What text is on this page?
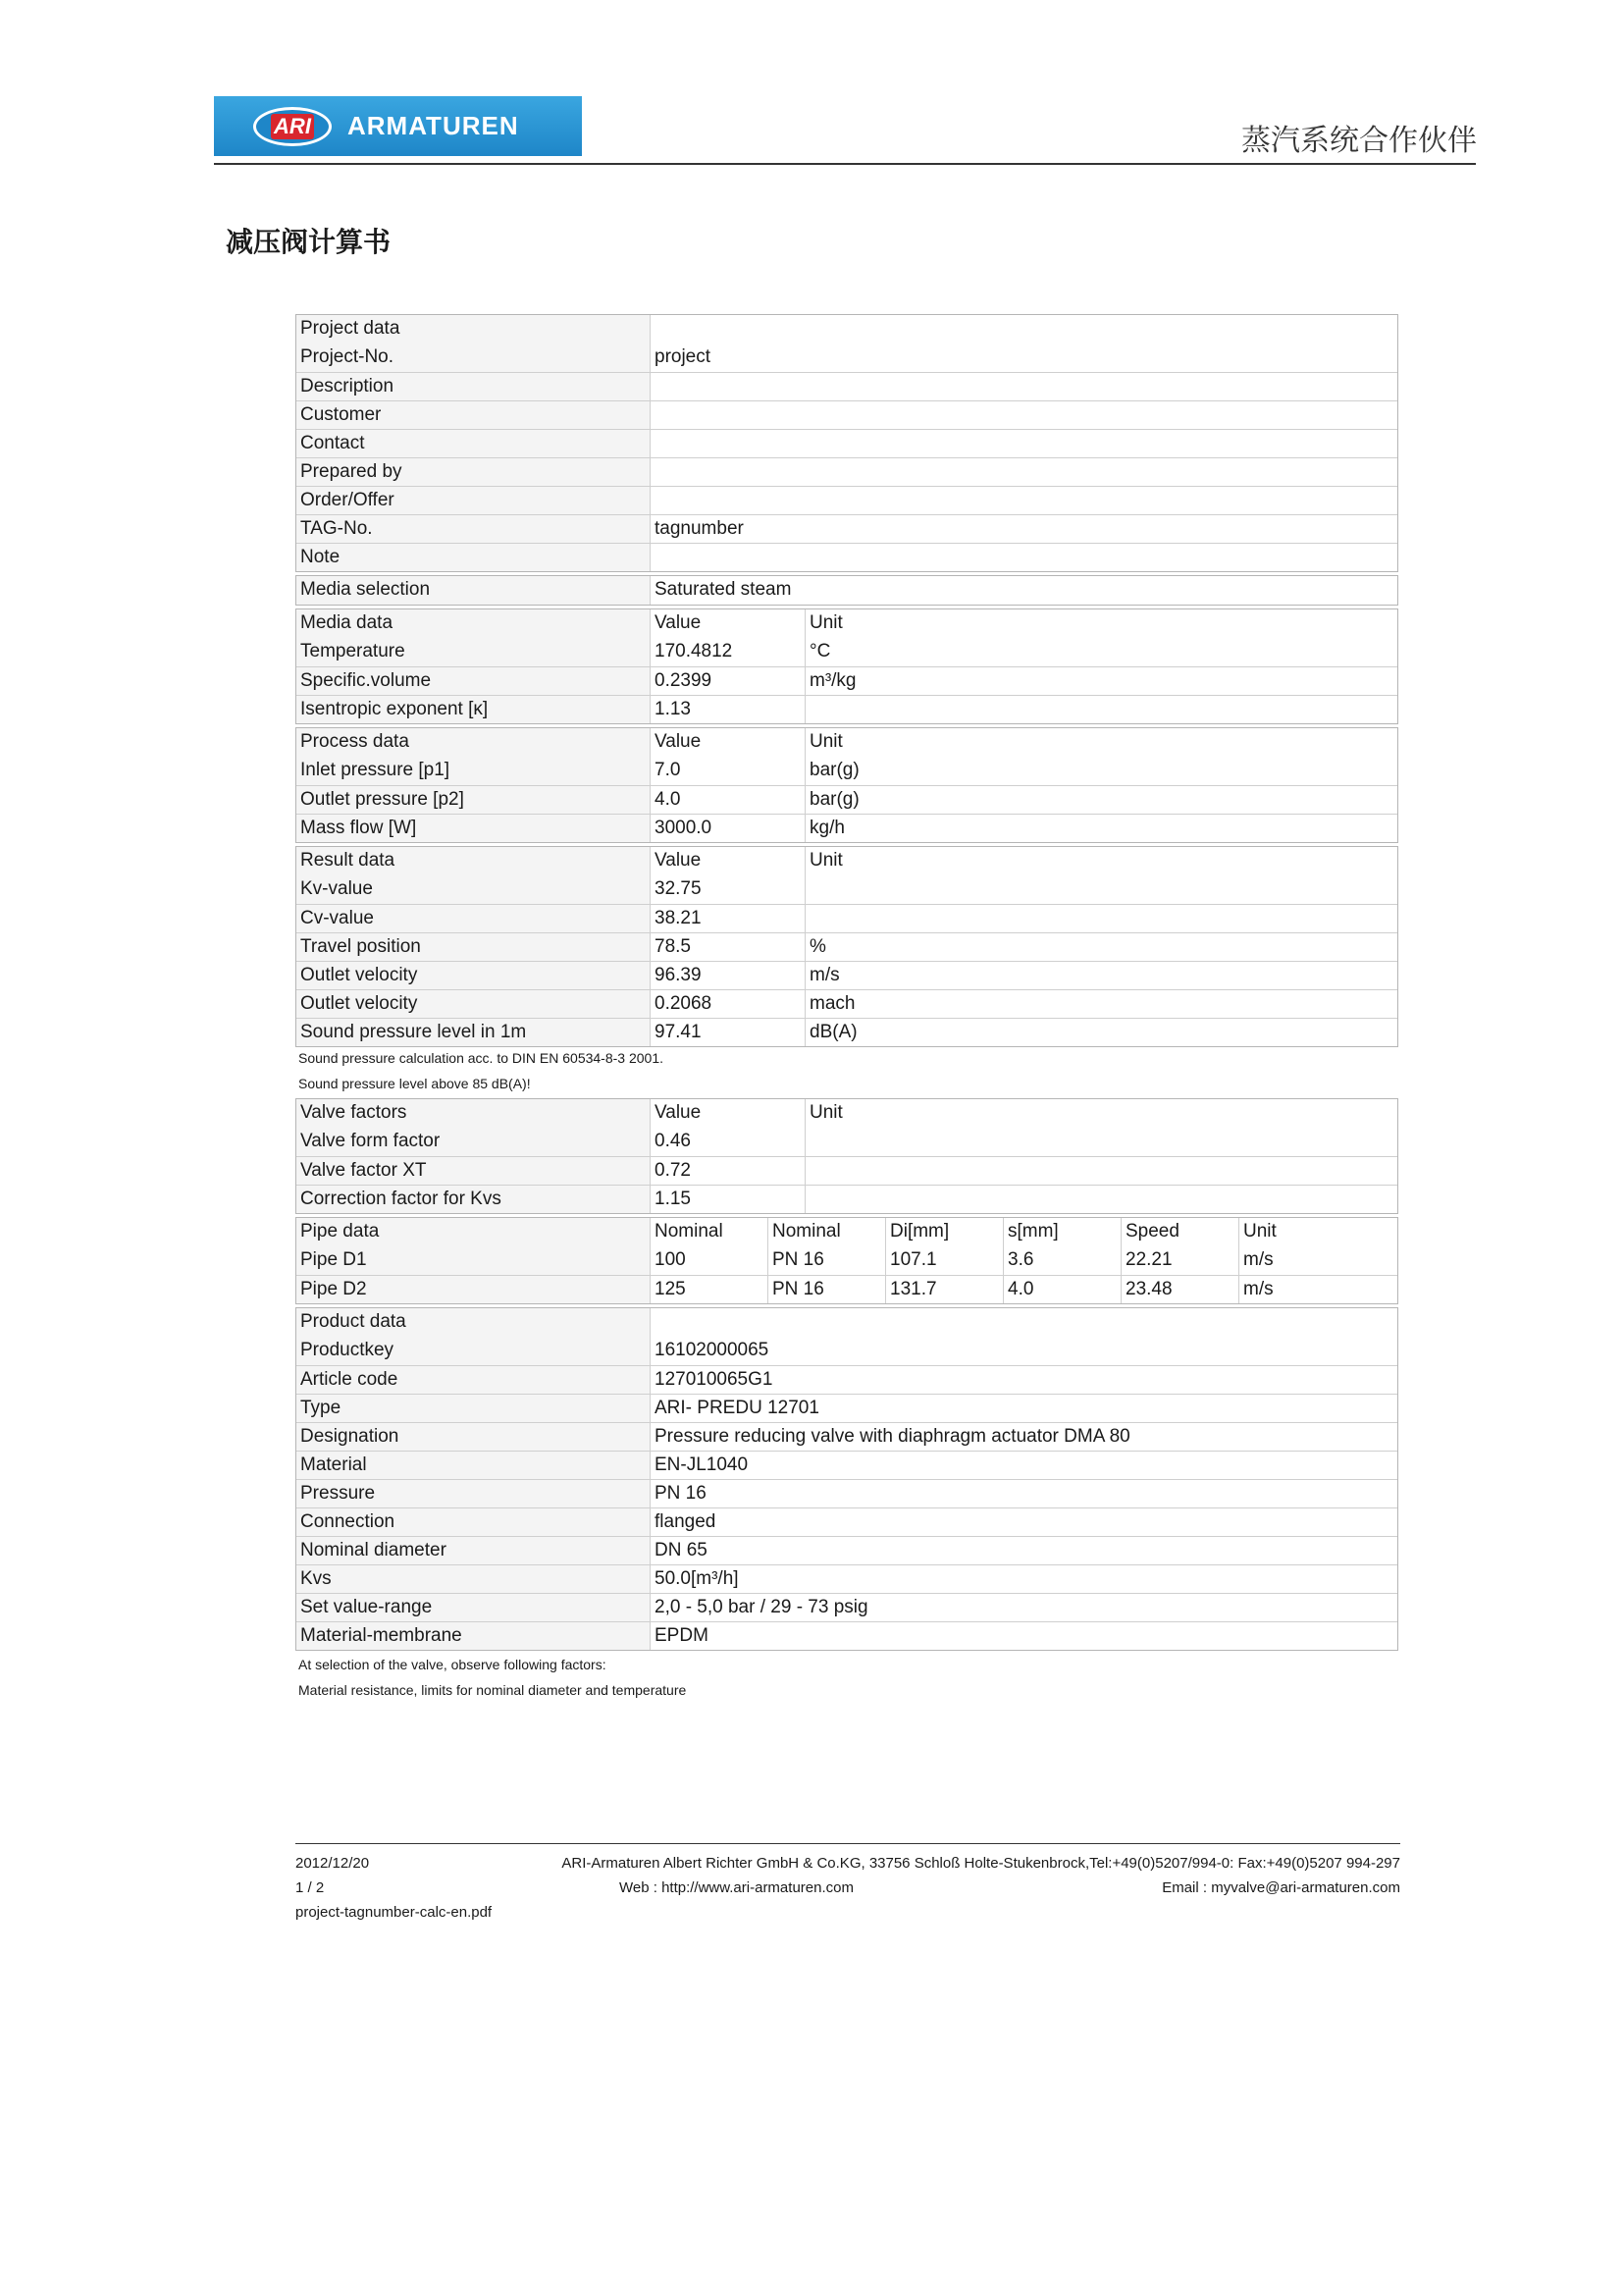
ARI ARMATUREN	蒸汽系统合作伙伴
减压阀计算书
Project data
Project-No.	project
Description
Customer
Contact
Prepared by
Order/Offer
TAG-No.	tagnumber
Note
Media selection	Saturated steam
Media data	Value	Unit
Temperature	170.4812	°C
Specific.volume	0.2399	m³/kg
Isentropic exponent [κ]	1.13
Process data	Value	Unit
Inlet pressure [p1]	7.0	bar(g)
Outlet pressure [p2]	4.0	bar(g)
Mass flow [W]	3000.0	kg/h
Result data	Value	Unit
Kv-value	32.75
Cv-value	38.21
Travel position	78.5	%
Outlet velocity	96.39	m/s
Outlet velocity	0.2068	mach
Sound pressure level in 1m	97.41	dB(A)
Sound pressure calculation acc. to DIN EN 60534-8-3 2001.
Sound pressure level above 85 dB(A)!
Valve factors	Value	Unit
Valve form factor	0.46
Valve factor XT	0.72
Correction factor for Kvs	1.15
Pipe data	Nominal	Nominal	Di[mm]	s[mm]	Speed	Unit
Pipe D1	100	PN 16	107.1	3.6	22.21	m/s
Pipe D2	125	PN 16	131.7	4.0	23.48	m/s
Product data
Productkey	16102000065
Article code	127010065G1
Type	ARI- PREDU 12701
Designation	Pressure reducing valve with diaphragm actuator DMA 80
Material	EN-JL1040
Pressure	PN 16
Connection	flanged
Nominal diameter	DN 65
Kvs	50.0[m³/h]
Set value-range	2,0 - 5,0 bar / 29 - 73 psig
Material-membrane	EPDM
At selection of the valve, observe following factors:
Material resistance, limits for nominal diameter and temperature
2012/12/20	ARI-Armaturen Albert Richter GmbH & Co.KG, 33756 Schloß Holte-Stukenbrock,Tel:+49(0)5207/994-0: Fax:+49(0)5207 994-297
1 / 2	Web : http://www.ari-armaturen.com	Email : myvalve@ari-armaturen.com
project-tagnumber-calc-en.pdf
